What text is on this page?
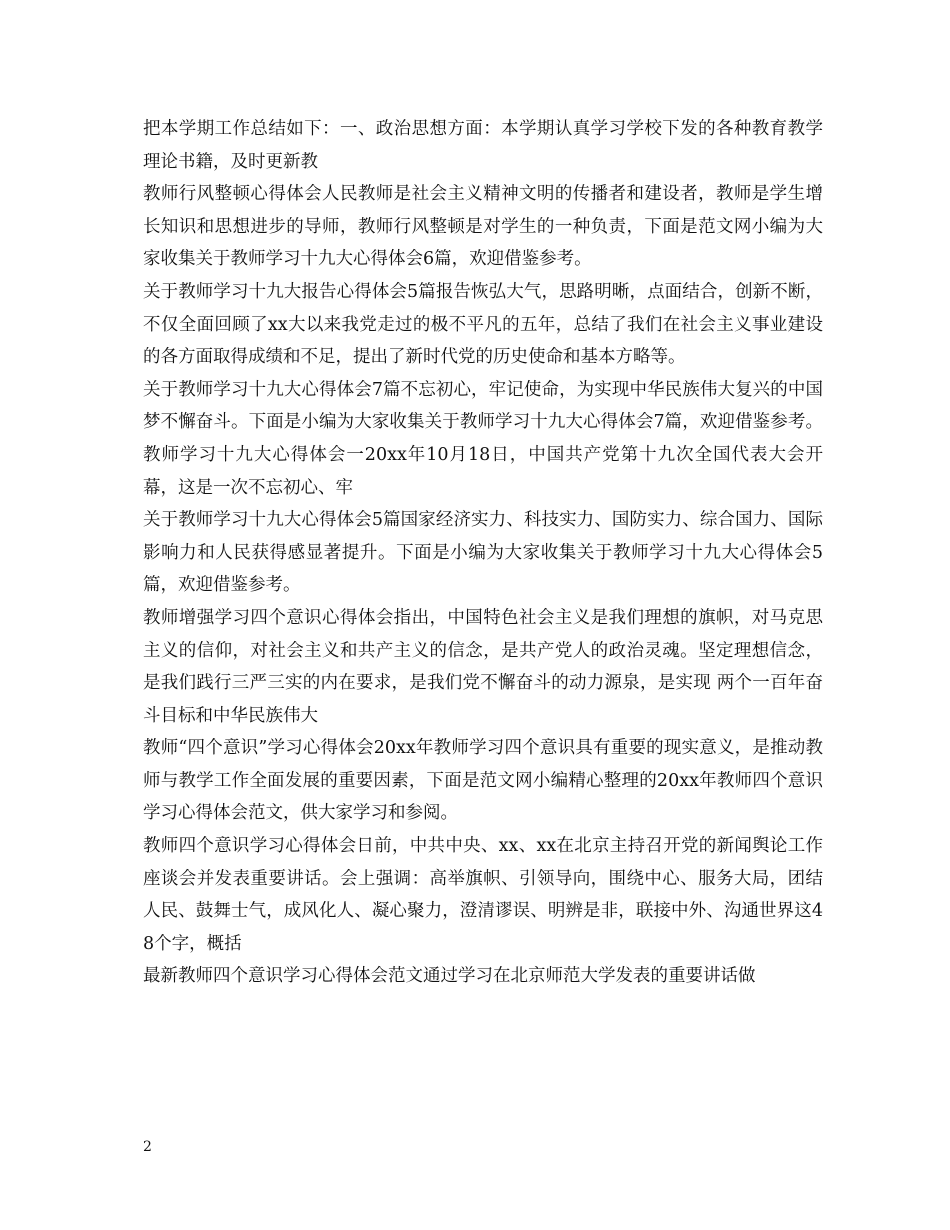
把本学期工作总结如下：一、政治思想方面：本学期认真学习学校下发的各种教育教学理论书籍，及时更新教

教师行风整顿心得体会人民教师是社会主义精神文明的传播者和建设者，教师是学生增长知识和思想进步的导师，教师行风整顿是对学生的一种负责，下面是范文网小编为大家收集关于教师学习十九大心得体会6篇，欢迎借鉴参考。

关于教师学习十九大报告心得体会5篇报告恢弘大气，思路明晰，点面结合，创新不断，不仅全面回顾了xx大以来我党走过的极不平凡的五年，总结了我们在社会主义事业建设的各方面取得成绩和不足，提出了新时代党的历史使命和基本方略等。

关于教师学习十九大心得体会7篇不忘初心，牢记使命，为实现中华民族伟大复兴的中国梦不懈奋斗。下面是小编为大家收集关于教师学习十九大心得体会7篇，欢迎借鉴参考。教师学习十九大心得体会一20xx年10月18日，中国共产党第十九次全国代表大会开幕，这是一次不忘初心、牢

关于教师学习十九大心得体会5篇国家经济实力、科技实力、国防实力、综合国力、国际影响力和人民获得感显著提升。下面是小编为大家收集关于教师学习十九大心得体会5篇，欢迎借鉴参考。

教师增强学习四个意识心得体会指出，中国特色社会主义是我们理想的旗帜，对马克思主义的信仰，对社会主义和共产主义的信念，是共产党人的政治灵魂。坚定理想信念，是我们践行三严三实的内在要求，是我们党不懈奋斗的动力源泉，是实现 两个一百年奋斗目标和中华民族伟大

教师“四个意识”学习心得体会20xx年教师学习四个意识具有重要的现实意义，是推动教师与教学工作全面发展的重要因素，下面是范文网小编精心整理的20xx年教师四个意识学习心得体会范文，供大家学习和参阅。

教师四个意识学习心得体会日前，中共中央、xx、xx在北京主持召开党的新闻舆论工作座谈会并发表重要讲话。会上强调：高举旗帜、引领导向，围绕中心、服务大局，团结人民、鼓舞士气，成风化人、凝心聚力，澄清谬误、明辨是非，联接中外、沟通世界这48个字，概括

最新教师四个意识学习心得体会范文通过学习在北京师范大学发表的重要讲话做

2
